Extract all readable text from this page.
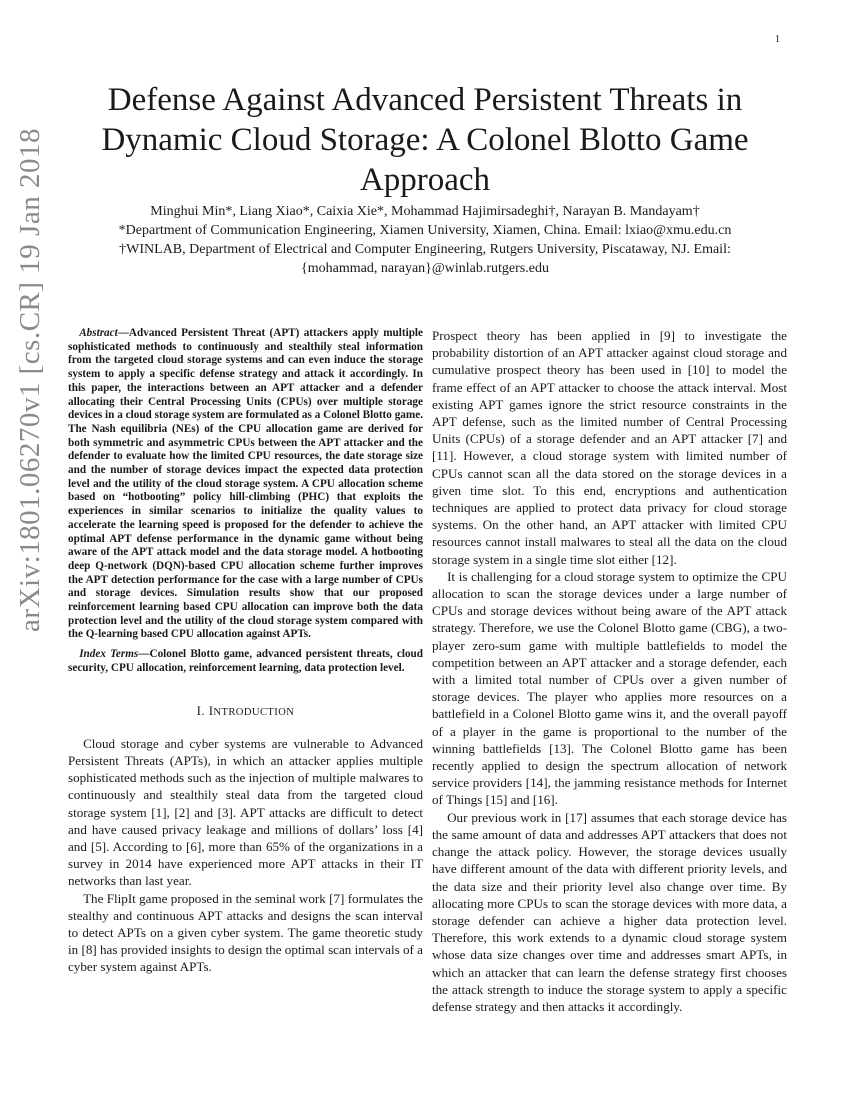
1
arXiv:1801.06270v1 [cs.CR] 19 Jan 2018
Defense Against Advanced Persistent Threats in Dynamic Cloud Storage: A Colonel Blotto Game Approach
Minghui Min*, Liang Xiao*, Caixia Xie*, Mohammad Hajimirsadeghi†, Narayan B. Mandayam†
*Department of Communication Engineering, Xiamen University, Xiamen, China. Email: lxiao@xmu.edu.cn
†WINLAB, Department of Electrical and Computer Engineering, Rutgers University, Piscataway, NJ. Email:
{mohammad, narayan}@winlab.rutgers.edu

Abstract—Advanced Persistent Threat (APT) attackers apply multiple sophisticated methods to continuously and stealthily steal information from the targeted cloud storage systems and can even induce the storage system to apply a specific defense strategy and attack it accordingly. In this paper, the interactions between an APT attacker and a defender allocating their Central Processing Units (CPUs) over multiple storage devices in a cloud storage system are formulated as a Colonel Blotto game. The Nash equilibria (NEs) of the CPU allocation game are derived for both symmetric and asymmetric CPUs between the APT attacker and the defender to evaluate how the limited CPU resources, the date storage size and the number of storage devices impact the expected data protection level and the utility of the cloud storage system. A CPU allocation scheme based on “hotbooting” policy hill-climbing (PHC) that exploits the experiences in similar scenarios to initialize the quality values to accelerate the learning speed is proposed for the defender to achieve the optimal APT defense performance in the dynamic game without being aware of the APT attack model and the data storage model. A hotbooting deep Q-network (DQN)-based CPU allocation scheme further improves the APT detection performance for the case with a large number of CPUs and storage devices. Simulation results show that our proposed reinforcement learning based CPU allocation can improve both the data protection level and the utility of the cloud storage system compared with the Q-learning based CPU allocation against APTs.

Index Terms—Colonel Blotto game, advanced persistent threats, cloud security, CPU allocation, reinforcement learning, data protection level.

I. INTRODUCTION

Cloud storage and cyber systems are vulnerable to Advanced Persistent Threats (APTs), in which an attacker applies multiple sophisticated methods such as the injection of multiple malwares to continuously and stealthily steal data from the targeted cloud storage system [1], [2] and [3]. APT attacks are difficult to detect and have caused privacy leakage and millions of dollars’ loss [4] and [5]. According to [6], more than 65% of the organizations in a survey in 2014 have experienced more APT attacks in their IT networks than last year.

The FlipIt game proposed in the seminal work [7] formulates the stealthy and continuous APT attacks and designs the scan interval to detect APTs on a given cyber system. The game theoretic study in [8] has provided insights to design the optimal scan intervals of a cyber system against APTs.

Prospect theory has been applied in [9] to investigate the probability distortion of an APT attacker against cloud storage and cumulative prospect theory has been used in [10] to model the frame effect of an APT attacker to choose the attack interval. Most existing APT games ignore the strict resource constraints in the APT defense, such as the limited number of Central Processing Units (CPUs) of a storage defender and an APT attacker [7] and [11]. However, a cloud storage system with limited number of CPUs cannot scan all the data stored on the storage devices in a given time slot. To this end, encryptions and authentication techniques are applied to protect data privacy for cloud storage systems. On the other hand, an APT attacker with limited CPU resources cannot install malwares to steal all the data on the cloud storage system in a single time slot either [12].

It is challenging for a cloud storage system to optimize the CPU allocation to scan the storage devices under a large number of CPUs and storage devices without being aware of the APT attack strategy. Therefore, we use the Colonel Blotto game (CBG), a two-player zero-sum game with multiple battlefields to model the competition between an APT attacker and a storage defender, each with a limited total number of CPUs over a given number of storage devices. The player who applies more resources on a battlefield in a Colonel Blotto game wins it, and the overall payoff of a player in the game is proportional to the number of the winning battlefields [13]. The Colonel Blotto game has been recently applied to design the spectrum allocation of network service providers [14], the jamming resistance methods for Internet of Things [15] and [16].

Our previous work in [17] assumes that each storage device has the same amount of data and addresses APT attackers that does not change the attack policy. However, the storage devices usually have different amount of the data with different priority levels, and the data size and their priority level also change over time. By allocating more CPUs to scan the storage devices with more data, a storage defender can achieve a higher data protection level. Therefore, this work extends to a dynamic cloud storage system whose data size changes over time and addresses smart APTs, in which an attacker that can learn the defense strategy first chooses the attack strength to induce the storage system to apply a specific defense strategy and then attacks it accordingly.
